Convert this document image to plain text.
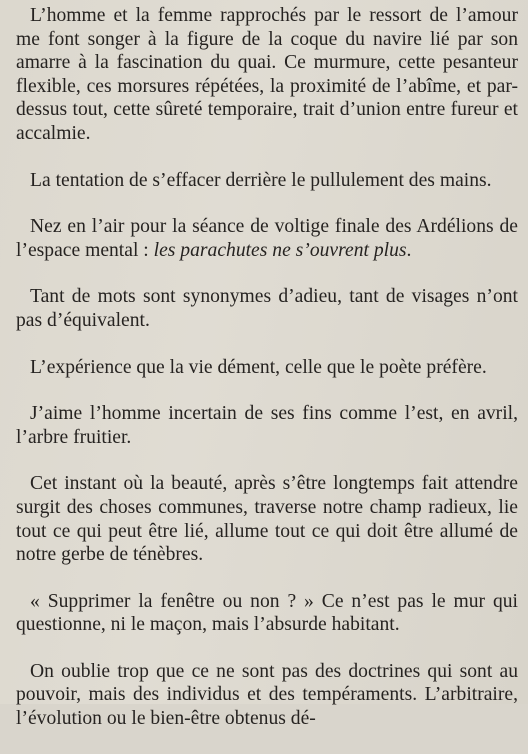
L’homme et la femme rapprochés par le ressort de l’amour me font songer à la figure de la coque du navire lié par son amarre à la fascination du quai. Ce murmure, cette pesanteur flexible, ces morsures répétées, la proximité de l’abîme, et par-dessus tout, cette sûreté temporaire, trait d’union entre fureur et accalmie.

La tentation de s’effacer derrière le pullulement des mains.

Nez en l’air pour la séance de voltige finale des Ardélions de l’espace mental : les parachutes ne s’ouvrent plus.

Tant de mots sont synonymes d’adieu, tant de visages n’ont pas d’équivalent.

L’expérience que la vie dément, celle que le poète préfère.

J’aime l’homme incertain de ses fins comme l’est, en avril, l’arbre fruitier.

Cet instant où la beauté, après s’être longtemps fait attendre surgit des choses communes, traverse notre champ radieux, lie tout ce qui peut être lié, allume tout ce qui doit être allumé de notre gerbe de ténèbres.

« Supprimer la fenêtre ou non ? » Ce n’est pas le mur qui questionne, ni le maçon, mais l’absurde habitant.

On oublie trop que ce ne sont pas des doctrines qui sont au pouvoir, mais des individus et des tempéraments. L’arbitraire, l’évolution ou le bien-être obtenus dé-
